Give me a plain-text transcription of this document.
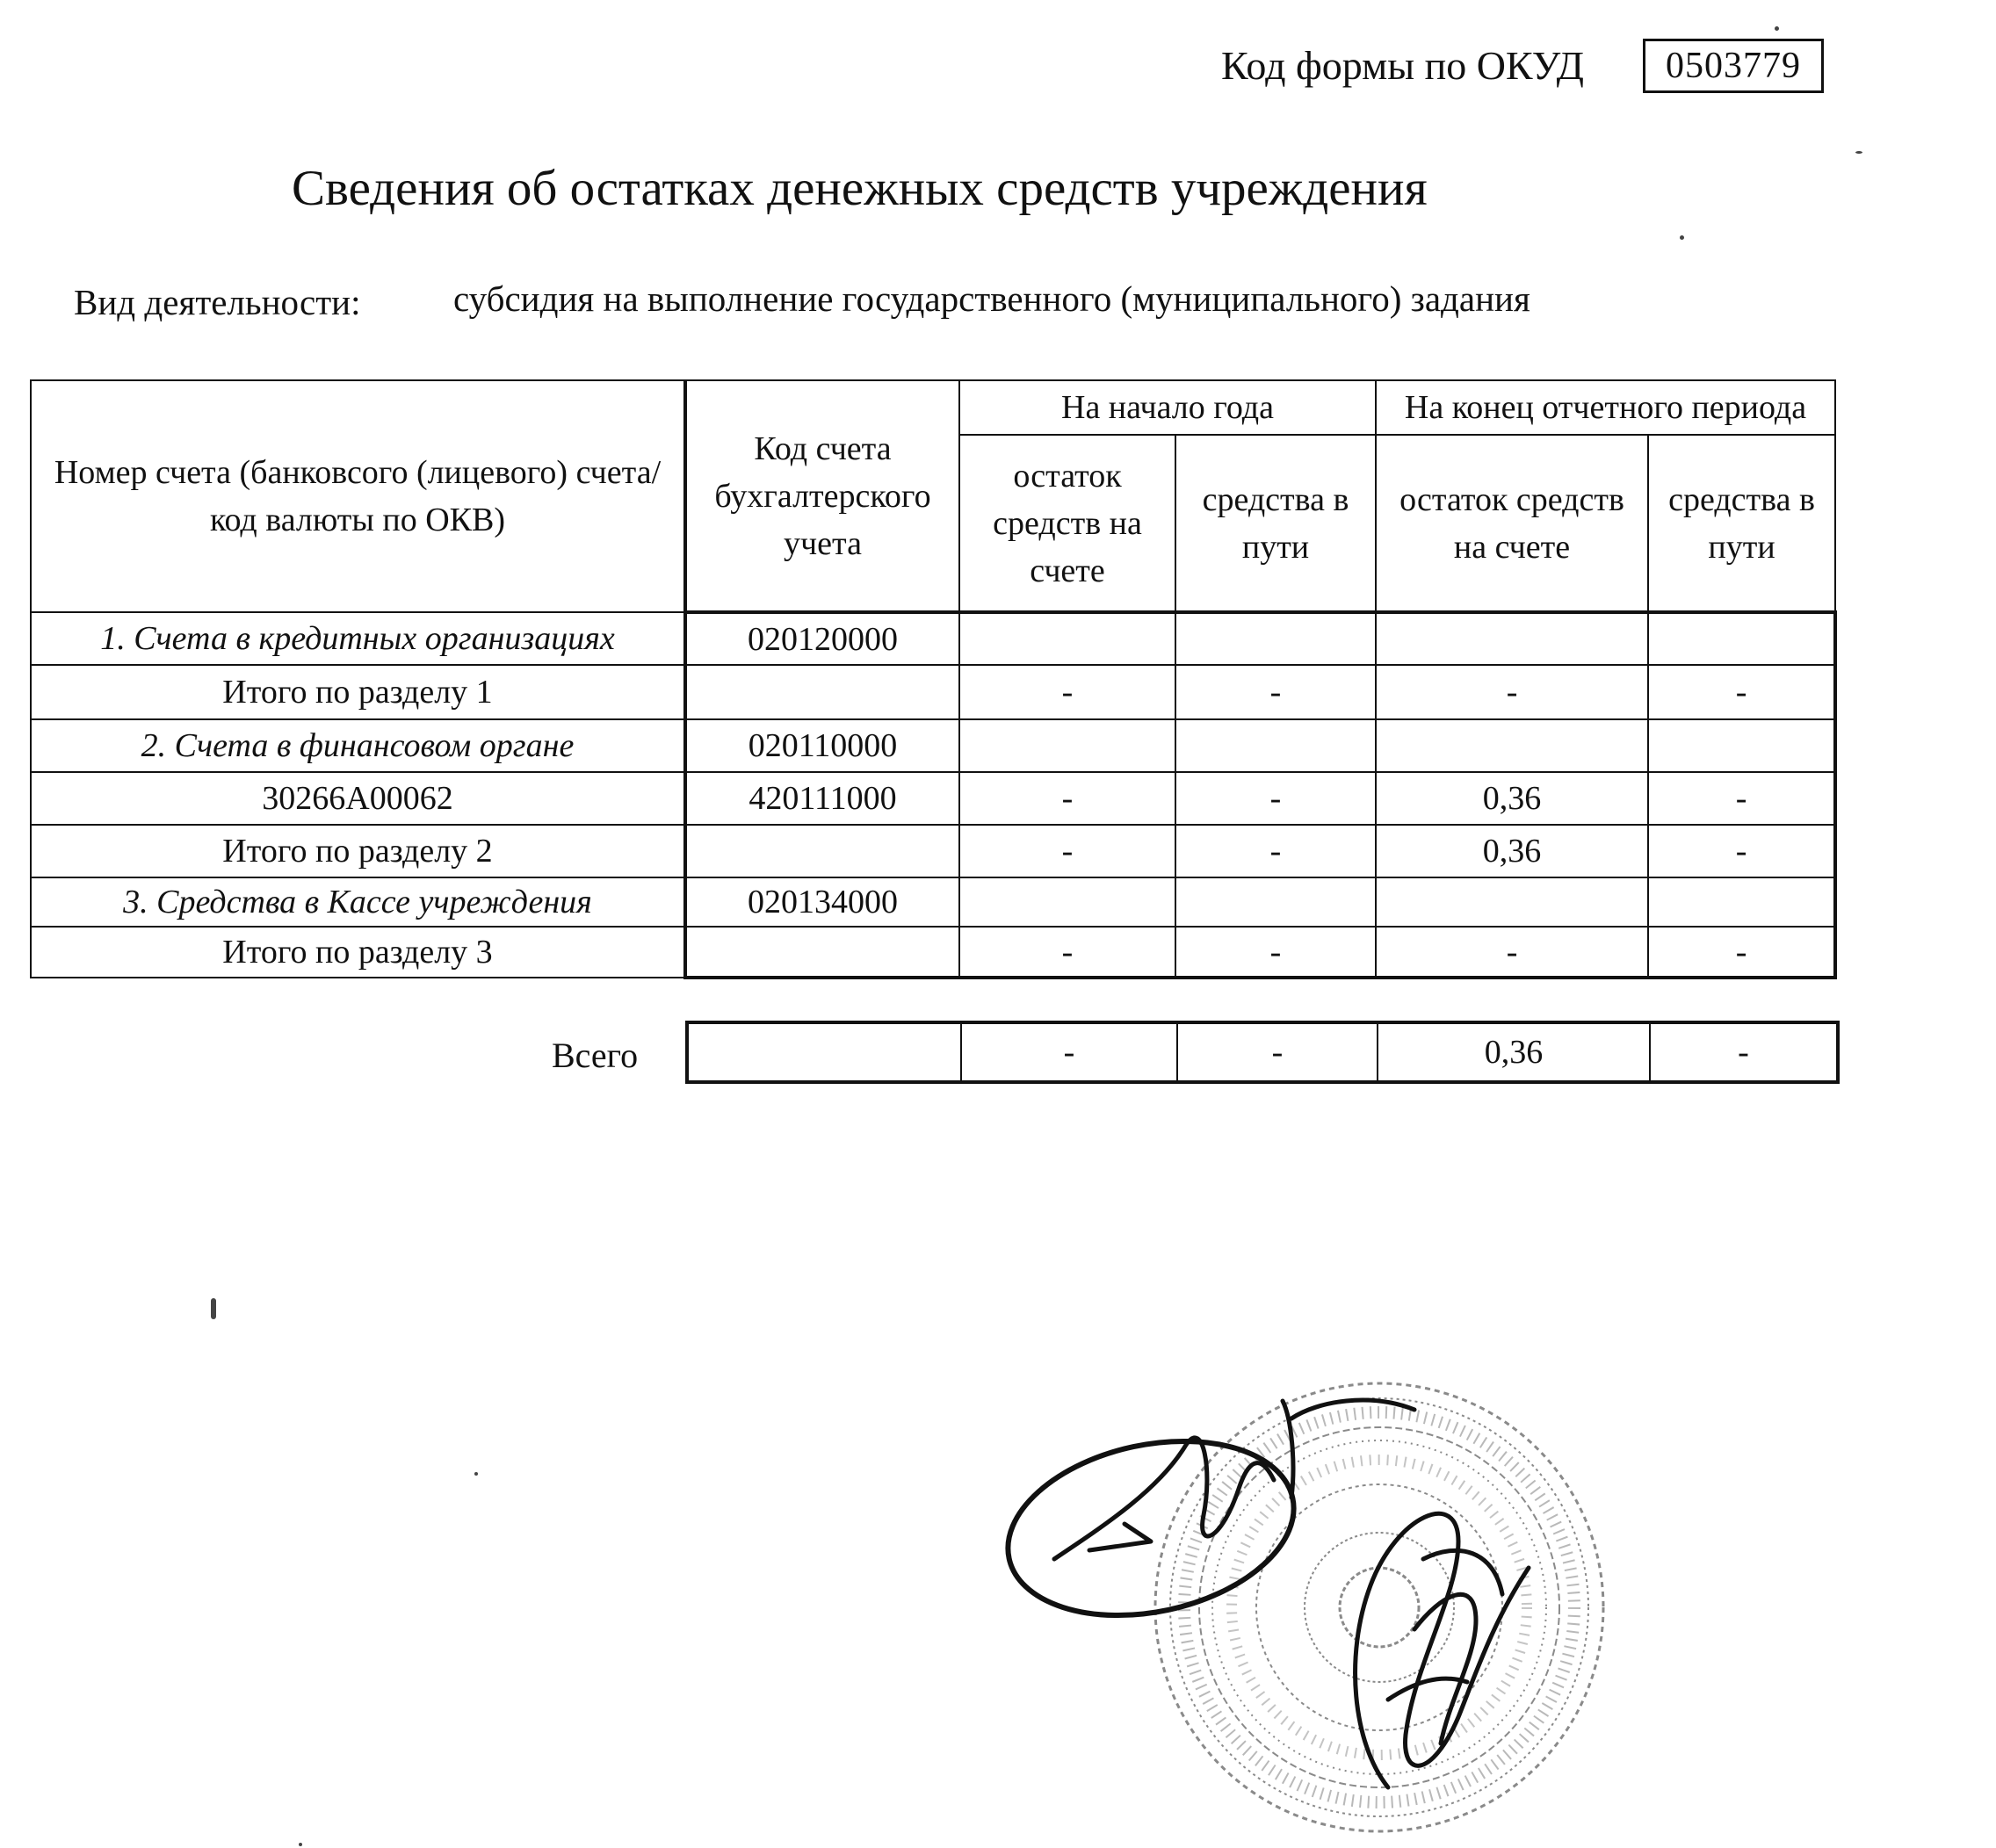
Код формы по ОКУД	0503779
Сведения об остатках денежных средств учреждения
Вид деятельности:	субсидия на выполнение государственного (муниципального) задания
Номер счета (банковсого (лицевого) счета/код валюты по ОКВ)	Код счета бухгалтерского учета	На начало года		На конец отчетного периода	
		остаток средств на счете	средства в пути	остаток средств на счете	средства в пути
1. Счета в кредитных организациях	020120000				
Итого по разделу 1		-	-	-	-
2. Счета в финансовом органе	020110000				
30266А00062	420111000	-	-	0,36	-
Итого по разделу 2		-	-	0,36	-
3. Средства в Кассе учреждения	020134000				
Итого по разделу 3		-	-	-	-
Всего
		-	-	0,36	-
